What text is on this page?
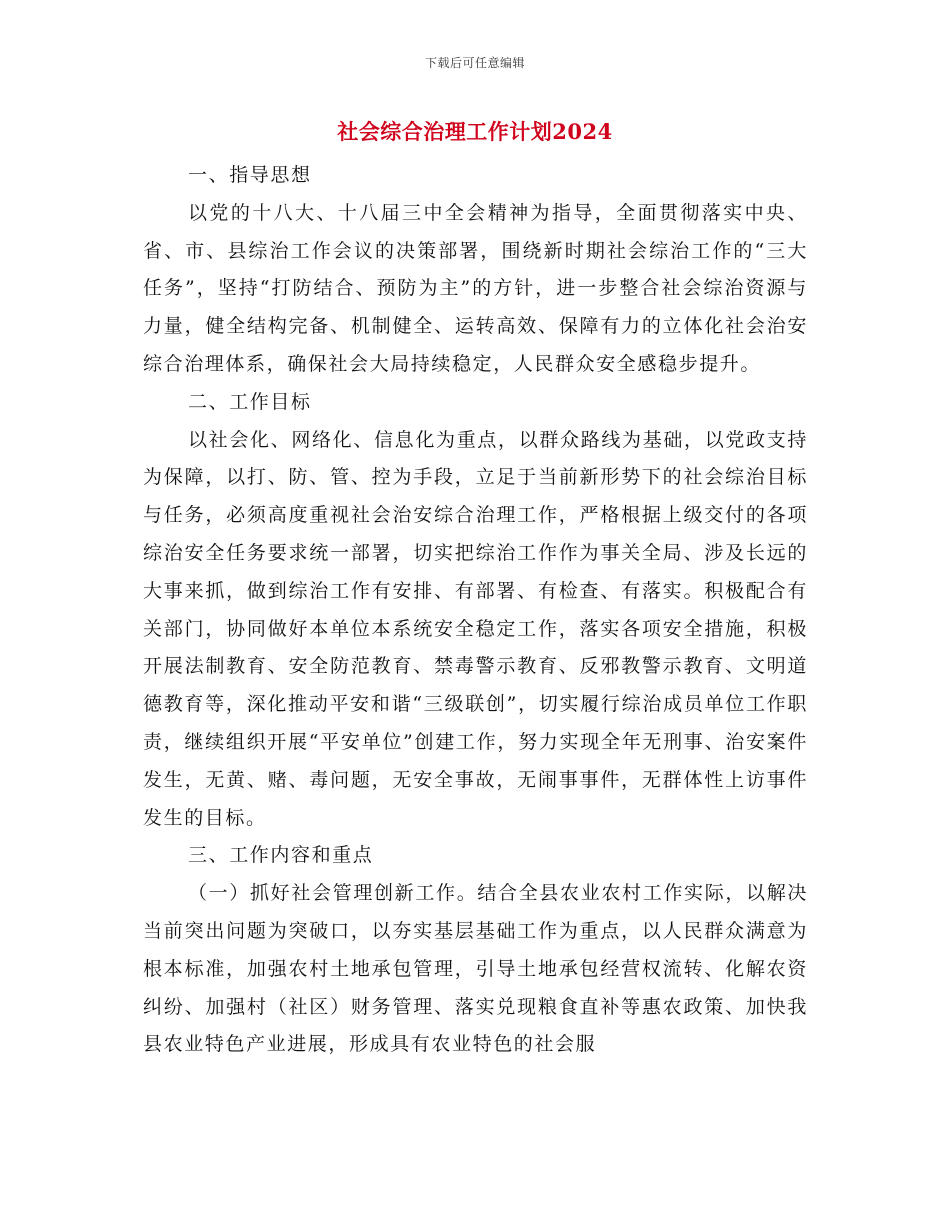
下载后可任意编辑
社会综合治理工作计划2024

一、指导思想

以党的十八大、十八届三中全会精神为指导，全面贯彻落实中央、省、市、县综治工作会议的决策部署，围绕新时期社会综治工作的“三大任务”，坚持“打防结合、预防为主”的方针，进一步整合社会综治资源与力量，健全结构完备、机制健全、运转高效、保障有力的立体化社会治安综合治理体系，确保社会大局持续稳定，人民群众安全感稳步提升。

二、工作目标

以社会化、网络化、信息化为重点，以群众路线为基础，以党政支持为保障，以打、防、管、控为手段，立足于当前新形势下的社会综治目标与任务，必须高度重视社会治安综合治理工作，严格根据上级交付的各项综治安全任务要求统一部署，切实把综治工作作为事关全局、涉及长远的大事来抓，做到综治工作有安排、有部署、有检查、有落实。积极配合有关部门，协同做好本单位本系统安全稳定工作，落实各项安全措施，积极开展法制教育、安全防范教育、禁毒警示教育、反邪教警示教育、文明道德教育等，深化推动平安和谐“三级联创”，切实履行综治成员单位工作职责，继续组织开展“平安单位”创建工作，努力实现全年无刑事、治安案件发生，无黄、赌、毒问题，无安全事故，无闹事事件，无群体性上访事件发生的目标。

三、工作内容和重点

（一）抓好社会管理创新工作。结合全县农业农村工作实际，以解决当前突出问题为突破口，以夯实基层基础工作为重点，以人民群众满意为根本标准，加强农村土地承包管理，引导土地承包经营权流转、化解农资纠纷、加强村（社区）财务管理、落实兑现粮食直补等惠农政策、加快我县农业特色产业进展，形成具有农业特色的社会服
